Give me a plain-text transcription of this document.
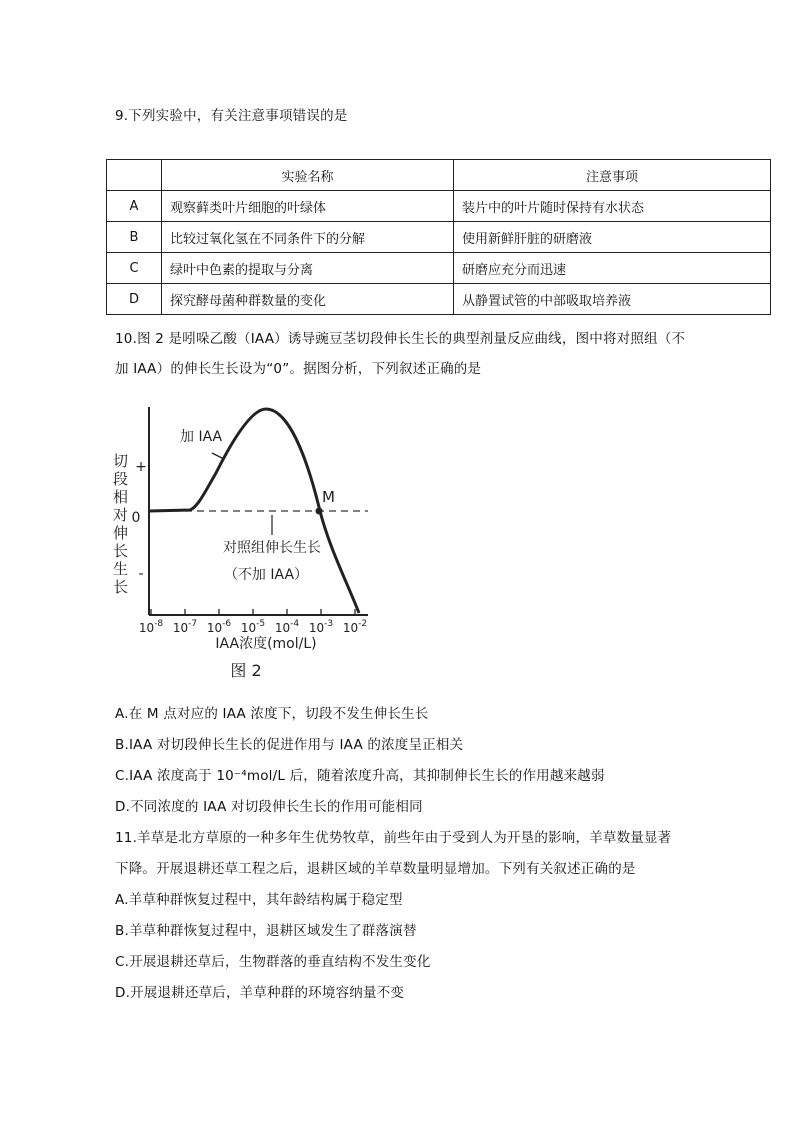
9.下列实验中，有关注意事项错误的是
	实验名称	注意事项
A	观察藓类叶片细胞的叶绿体	装片中的叶片随时保持有水状态
B	比较过氧化氢在不同条件下的分解	使用新鲜肝脏的研磨液
C	绿叶中色素的提取与分离	研磨应充分而迅速
D	探究酵母菌种群数量的变化	从静置试管的中部吸取培养液
10.图 2 是吲哚乙酸（IAA）诱导豌豆茎切段伸长生长的典型剂量反应曲线，图中将对照组（不
加 IAA）的伸长生长设为“0”。据图分析，下列叙述正确的是
切段相对伸长生长 +
0
-
$10^{-8}$ $10^{-7}$ $10^{-6}$ $10^{-5}$ $10^{-4}$ $10^{-3}$ $10^{-2}$
加 IAA
M
对照组伸长生长
（不加 IAA）
IAA浓度(mol/L)
图 2
A.在 M 点对应的 IAA 浓度下，切段不发生伸长生长
B.IAA 对切段伸长生长的促进作用与 IAA 的浓度呈正相关
C.IAA 浓度高于 10⁻⁴mol/L 后，随着浓度升高，其抑制伸长生长的作用越来越弱
D.不同浓度的 IAA 对切段伸长生长的作用可能相同
11.羊草是北方草原的一种多年生优势牧草，前些年由于受到人为开垦的影响，羊草数量显著
下降。开展退耕还草工程之后，退耕区域的羊草数量明显增加。下列有关叙述正确的是
A.羊草种群恢复过程中，其年龄结构属于稳定型
B.羊草种群恢复过程中，退耕区域发生了群落演替
C.开展退耕还草后，生物群落的垂直结构不发生变化
D.开展退耕还草后，羊草种群的环境容纳量不变
